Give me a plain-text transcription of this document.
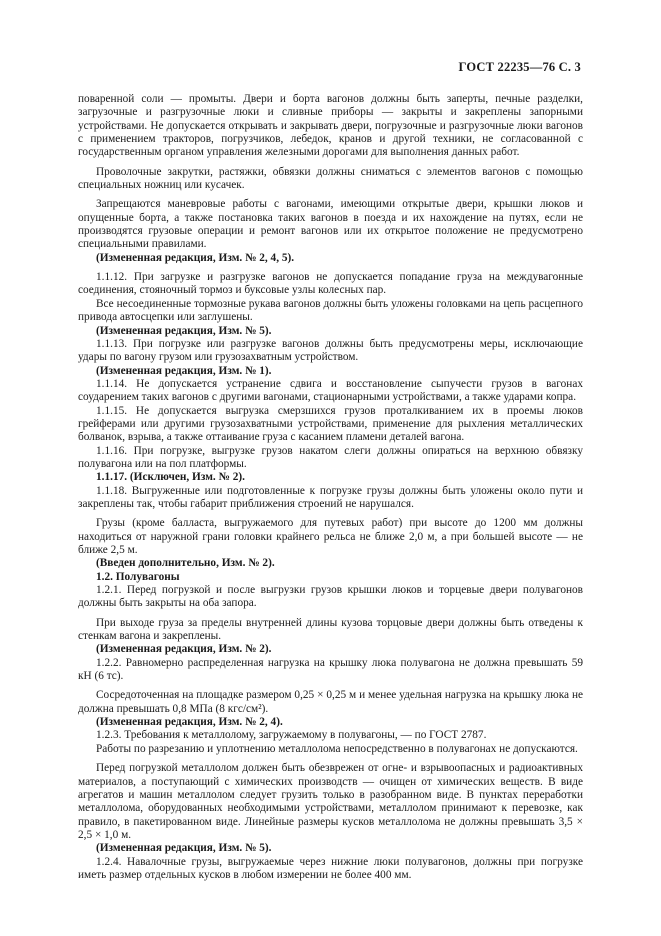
ГОСТ 22235—76 С. 3

поваренной соли — промыты. Двери и борта вагонов должны быть заперты, печные разделки, загрузочные и разгрузочные люки и сливные приборы — закрыты и закреплены запорными устройствами. Не допускается открывать и закрывать двери, погрузочные и разгрузочные люки вагонов с применением тракторов, погрузчиков, лебедок, кранов и другой техники, не согласованной с государственным органом управления железными дорогами для выполнения данных работ.

Проволочные закрутки, растяжки, обвязки должны сниматься с элементов вагонов с помощью специальных ножниц или кусачек.

Запрещаются маневровые работы с вагонами, имеющими открытые двери, крышки люков и опущенные борта, а также постановка таких вагонов в поезда и их нахождение на путях, если не производятся грузовые операции и ремонт вагонов или их открытое положение не предусмотрено специальными правилами.

(Измененная редакция, Изм. № 2, 4, 5).

1.1.12. При загрузке и разгрузке вагонов не допускается попадание груза на междувагонные соединения, стояночный тормоз и буксовые узлы колесных пар.

Все несоединенные тормозные рукава вагонов должны быть уложены головками на цепь расцепного привода автосцепки или заглушены.

(Измененная редакция, Изм. № 5).

1.1.13. При погрузке или разгрузке вагонов должны быть предусмотрены меры, исключающие удары по вагону грузом или грузозахватным устройством.

(Измененная редакция, Изм. № 1).

1.1.14. Не допускается устранение сдвига и восстановление сыпучести грузов в вагонах соударением таких вагонов с другими вагонами, стационарными устройствами, а также ударами копра.

1.1.15. Не допускается выгрузка смерзшихся грузов проталкиванием их в проемы люков грейферами или другими грузозахватными устройствами, применение для рыхления металлических болванок, взрыва, а также оттаивание груза с касанием пламени деталей вагона.

1.1.16. При погрузке, выгрузке грузов накатом слеги должны опираться на верхнюю обвязку полувагона или на пол платформы.

1.1.17. (Исключен, Изм. № 2).

1.1.18. Выгруженные или подготовленные к погрузке грузы должны быть уложены около пути и закреплены так, чтобы габарит приближения строений не нарушался.

Грузы (кроме балласта, выгружаемого для путевых работ) при высоте до 1200 мм должны находиться от наружной грани головки крайнего рельса не ближе 2,0 м, а при большей высоте — не ближе 2,5 м.

(Введен дополнительно, Изм. № 2).

1.2. Полувагоны

1.2.1. Перед погрузкой и после выгрузки грузов крышки люков и торцевые двери полувагонов должны быть закрыты на оба запора.

При выходе груза за пределы внутренней длины кузова торцовые двери должны быть отведены к стенкам вагона и закреплены.

(Измененная редакция, Изм. № 2).

1.2.2. Равномерно распределенная нагрузка на крышку люка полувагона не должна превышать 59 кН (6 тс).

Сосредоточенная на площадке размером 0,25 × 0,25 м и менее удельная нагрузка на крышку люка не должна превышать 0,8 МПа (8 кгс/см²).

(Измененная редакция, Изм. № 2, 4).

1.2.3. Требования к металлолому, загружаемому в полувагоны, — по ГОСТ 2787.

Работы по разрезанию и уплотнению металлолома непосредственно в полувагонах не допускаются.

Перед погрузкой металлолом должен быть обезврежен от огне- и взрывоопасных и радиоактивных материалов, а поступающий с химических производств — очищен от химических веществ. В виде агрегатов и машин металлолом следует грузить только в разобранном виде. В пунктах переработки металлолома, оборудованных необходимыми устройствами, металлолом принимают к перевозке, как правило, в пакетированном виде. Линейные размеры кусков металлолома не должны превышать 3,5 × 2,5 × 1,0 м.

(Измененная редакция, Изм. № 5).

1.2.4. Навалочные грузы, выгружаемые через нижние люки полувагонов, должны при погрузке иметь размер отдельных кусков в любом измерении не более 400 мм.
